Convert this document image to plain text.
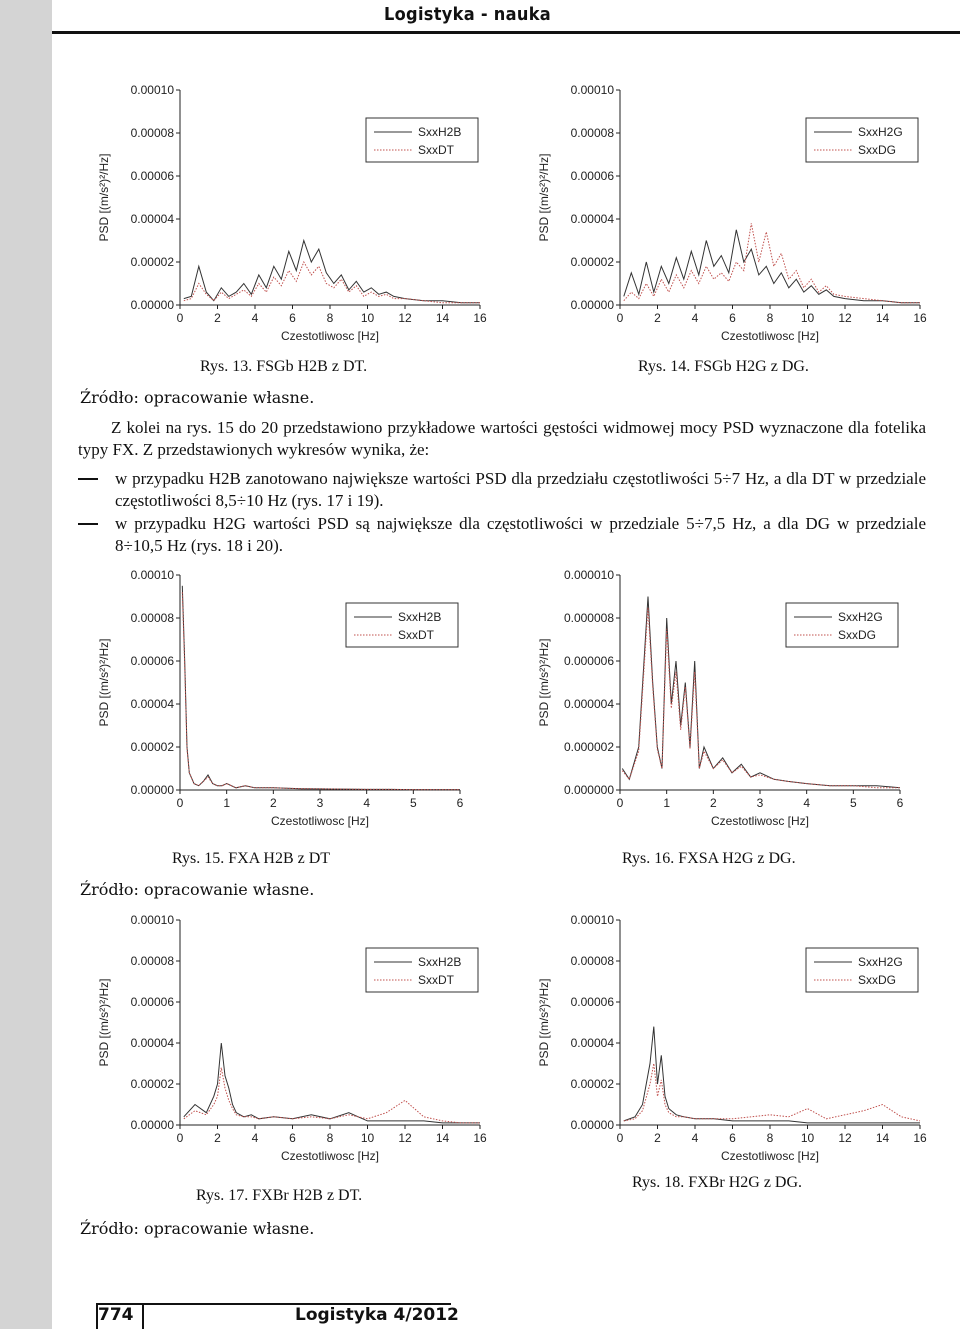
Logistyka - nauka
0.00000
0.00002
0.00004
0.00006
0.00008
0.00010
0	2	4	6	8 10 12 14 16
Czestotliwosc [Hz]
PSD [(m/s²)²/Hz]
SxxH2B
SxxDT
0.00000
0.00002
0.00004
0.00006
0.00008
0.00010
0	2	4	6	8 10 12 14 16
Czestotliwosc [Hz]
PSD [(m/s²)²/Hz]
SxxH2G
SxxDG
Rys. 13. FSGb H2B z DT.	Rys. 14. FSGb H2G z DG.
Źródło: opracowanie własne.
Z kolei na rys. 15 do 20 przedstawiono przykładowe wartości gęstości widmowej mocy PSD wyznaczone dla fotelika typy FX. Z przedstawionych wykresów wynika, że:
w przypadku H2B zanotowano największe wartości PSD dla przedziału częstotliwości 5÷7 Hz, a dla DT w przedziale częstotliwości 8,5÷10 Hz (rys. 17 i 19).
w przypadku H2G wartości PSD są największe dla częstotliwości w przedziale 5÷7,5 Hz, a dla DG w przedziale 8÷10,5 Hz (rys. 18 i 20).
0.00000
0.00002
0.00004
0.00006
0.00008
0.00010
0	1	2	3	4	5	6
Czestotliwosc [Hz]
PSD [(m/s²)²/Hz]
SxxH2B
SxxDT
0.000000
0.000002
0.000004
0.000006
0.000008
0.000010
0	1	2	3	4	5	6
Czestotliwosc [Hz]
PSD [(m/s²)²/Hz]
SxxH2G
SxxDG
Rys. 15. FXA H2B z DT	Rys. 16. FXSA H2G z DG.
Źródło: opracowanie własne.
0.00000
0.00002
0.00004
0.00006
0.00008
0.00010
0	2	4	6	8 10 12 14 16
Czestotliwosc [Hz]
PSD [(m/s²)²/Hz]
SxxH2B
SxxDT
0.00000
0.00002
0.00004
0.00006
0.00008
0.00010
0	2	4	6	8 10 12 14 16
Czestotliwosc [Hz]
PSD [(m/s²)²/Hz]
SxxH2G
SxxDG
Rys. 17. FXBr H2B z DT.
Rys. 18. FXBr H2G z DG.
Źródło: opracowanie własne.
774	Logistyka 4/2012
